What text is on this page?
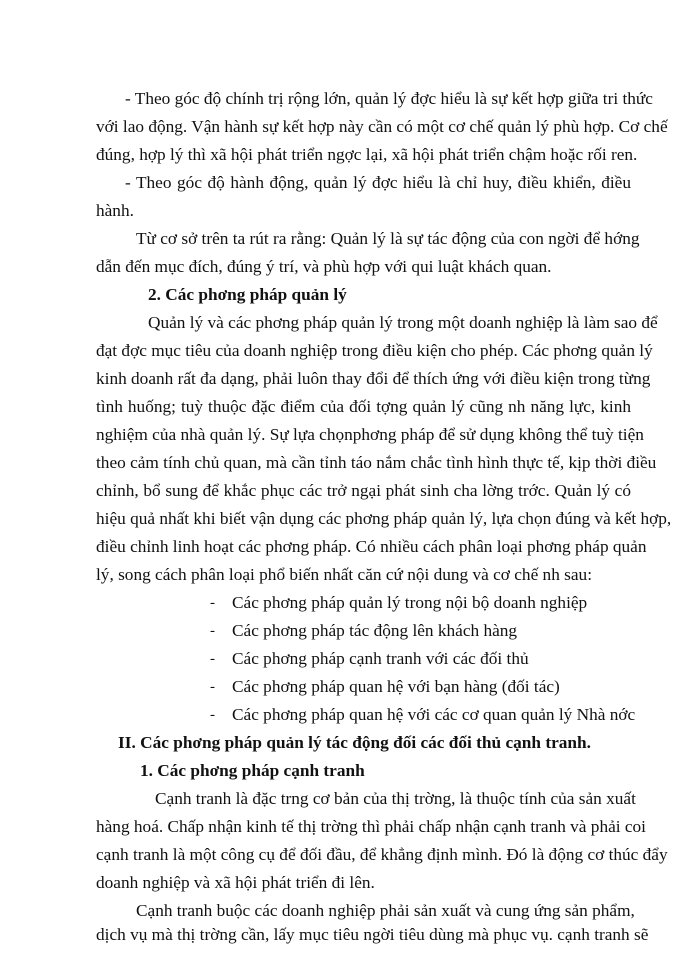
- Theo góc độ chính trị rộng lớn, quản lý đợc hiểu là sự kết hợp giữa tri thức
với lao động. Vận hành sự kết hợp này cần có một cơ chế quản lý phù hợp. Cơ chế
đúng, hợp lý thì xã hội phát triển ngợc lại, xã hội phát triển chậm hoặc rối ren.
- Theo góc độ hành động, quản lý đợc hiểu là chỉ huy, điều khiển, điều
hành.
Từ cơ sở trên ta rút ra rằng: Quản lý là sự tác động của con ngời để hớng
dẫn đến mục đích, đúng ý trí, và phù hợp với qui luật khách quan.
2. Các phơng pháp quản lý
Quản lý và các phơng pháp quản lý trong một doanh nghiệp là làm sao để
đạt đợc mục tiêu của doanh nghiệp trong điều kiện cho phép. Các phơng quản lý
kinh doanh rất đa dạng, phải luôn thay đổi để thích ứng với điều kiện trong từng
tình huống; tuỳ thuộc đặc điểm của đối tợng quản lý cũng nh năng lực, kinh
nghiệm của nhà quản lý. Sự lựa chọnphơng pháp để sử dụng không thể tuỳ tiện
theo cảm tính chủ quan, mà cần tỉnh táo nắm chắc tình hình thực tế, kịp thời điều
chỉnh, bổ sung để khắc phục các trở ngại phát sinh cha lờng trớc. Quản lý có
hiệu quả nhất khi biết vận dụng các phơng pháp quản lý, lựa chọn đúng và kết hợp,
điều chỉnh linh hoạt các phơng pháp. Có nhiều cách phân loại phơng pháp quản
lý, song cách phân loại phổ biến nhất căn cứ nội dung và cơ chế nh sau:
- Các phơng pháp quản lý trong nội bộ doanh nghiệp
- Các phơng pháp tác động lên khách hàng
- Các phơng pháp cạnh tranh với các đối thủ
- Các phơng pháp quan hệ với bạn hàng (đối tác)
- Các phơng pháp quan hệ với các cơ quan quản lý Nhà nớc
II. Các phơng pháp quản lý tác động đối các đối thủ cạnh tranh.
1. Các phơng pháp cạnh tranh
Cạnh tranh là đặc trng cơ bản của thị trờng, là thuộc tính của sản xuất
hàng hoá. Chấp nhận kinh tế thị trờng thì phải chấp nhận cạnh tranh và phải coi
cạnh tranh là một công cụ để đối đầu, để khẳng định mình. Đó là động cơ thúc đẩy
doanh nghiệp và xã hội phát triển đi lên.
Cạnh tranh buộc các doanh nghiệp phải sản xuất và cung ứng sản phẩm,
dịch vụ mà thị trờng cần, lấy mục tiêu ngời tiêu dùng mà phục vụ. cạnh tranh sẽ
